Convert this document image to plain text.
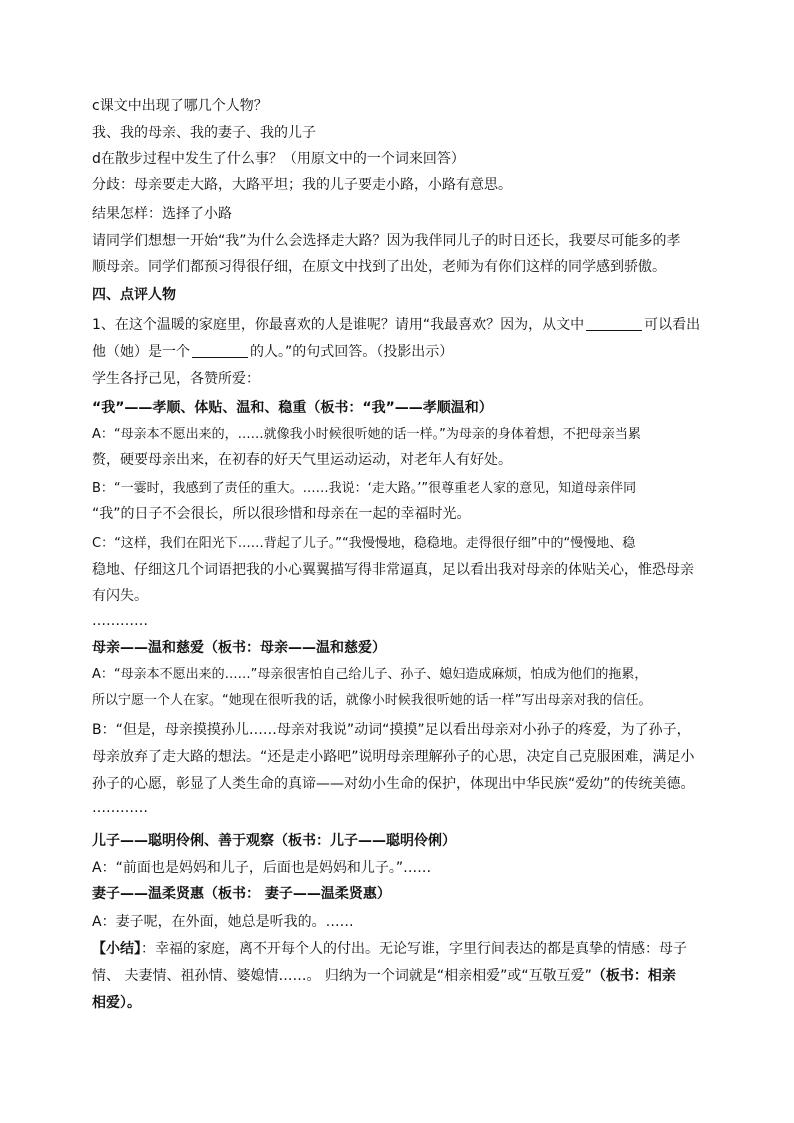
c课文中出现了哪几个人物？
我、我的母亲、我的妻子、我的儿子
d在散步过程中发生了什么事？（用原文中的一个词来回答）
分歧：母亲要走大路，大路平坦；我的儿子要走小路，小路有意思。
结果怎样：选择了小路
请同学们想想一开始“我”为什么会选择走大路？因为我伴同儿子的时日还长，我要尽可能多的孝
顺母亲。同学们都预习得很仔细，在原文中找到了出处，老师为有你们这样的同学感到骄傲。
四、点评人物
1、在这个温暖的家庭里，你最喜欢的人是谁呢？请用“我最喜欢？因为，从文中	可以看出
他（她）是一个	的人。”的句式回答。（投影出示）
学生各抒己见，各赞所爱：
“我”——孝顺、体贴、温和、稳重（板书：“我”——孝顺温和）
A：“母亲本不愿出来的，……就像我小时候很听她的话一样。”为母亲的身体着想，不把母亲当累
赘，硬要母亲出来，在初春的好天气里运动运动，对老年人有好处。
B：“一霎时，我感到了责任的重大。……我说：‘走大路。’”很尊重老人家的意见，知道母亲伴同
“我”的日子不会很长，所以很珍惜和母亲在一起的幸福时光。
C：“这样，我们在阳光下……背起了儿子。”“我慢慢地，稳稳地。走得很仔细”中的“慢慢地、稳
稳地、仔细这几个词语把我的小心翼翼描写得非常逼真，足以看出我对母亲的体贴关心，惟恐母亲
有闪失。
…………
母亲——温和慈爱（板书：母亲——温和慈爱）
A：“母亲本不愿出来的……”母亲很害怕自己给儿子、孙子、媳妇造成麻烦，怕成为他们的拖累，
所以宁愿一个人在家。“她现在很听我的话，就像小时候我很听她的话一样”写出母亲对我的信任。
B：“但是，母亲摸摸孙儿……母亲对我说”动词“摸摸”足以看出母亲对小孙子的疼爱，为了孙子，
母亲放弃了走大路的想法。“还是走小路吧”说明母亲理解孙子的心思，决定自己克服困难，满足小
孙子的心愿，彰显了人类生命的真谛——对幼小生命的保护，体现出中华民族“爱幼”的传统美德。
…………
儿子——聪明伶俐、善于观察（板书：儿子——聪明伶俐）
A：“前面也是妈妈和儿子，后面也是妈妈和儿子。”……
妻子——温柔贤惠（板书： 妻子——温柔贤惠）
A：妻子呢，在外面，她总是听我的。……
【小结】：幸福的家庭，离不开每个人的付出。无论写谁，字里行间表达的都是真挚的情感：母子
情、 夫妻情、祖孙情、婆媳情……。 归纳为一个词就是“相亲相爱”或“互敬互爱”（板书：相亲
相爱）。
